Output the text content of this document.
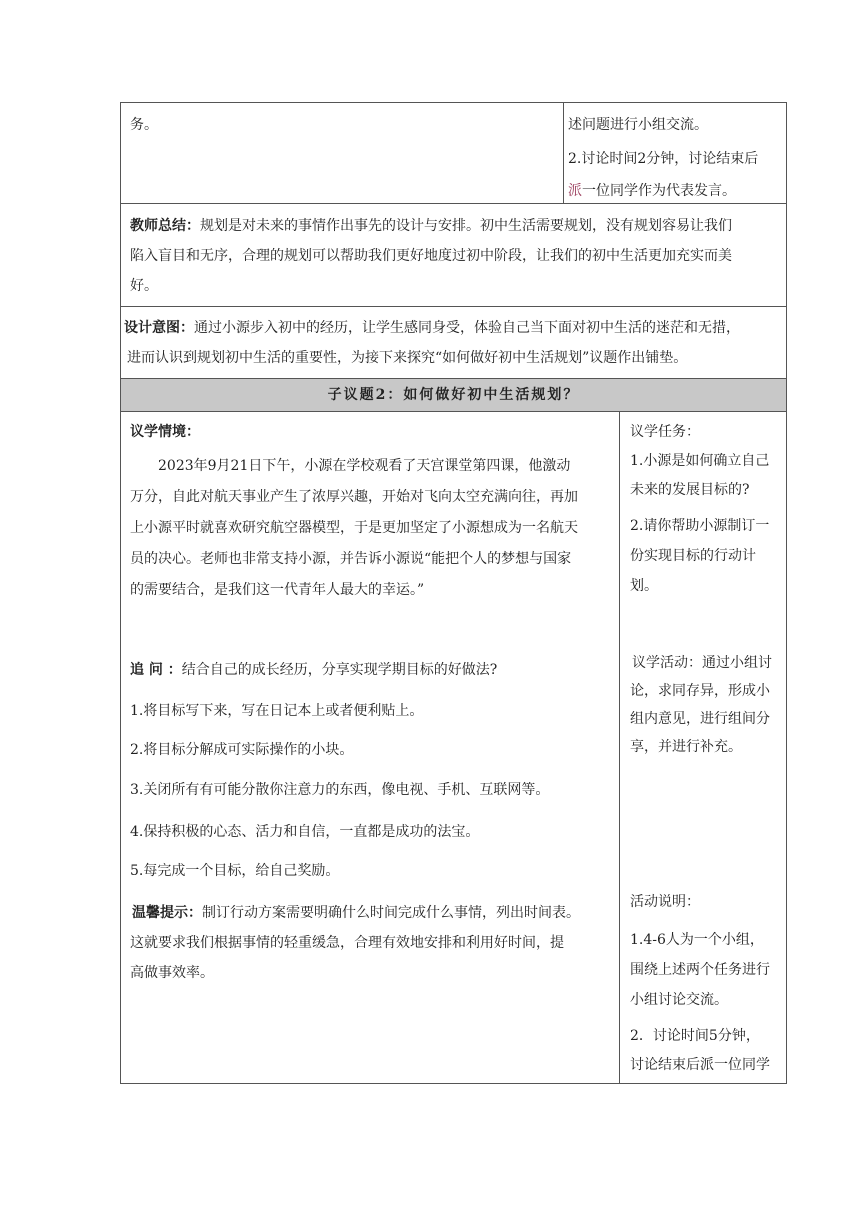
务。	述问题进行小组交流。
2.讨论时间2分钟，讨论结束后
派一位同学作为代表发言。
教师总结：规划是对未来的事情作出事先的设计与安排。初中生活需要规划，没有规划容易让我们
陷入盲目和无序，合理的规划可以帮助我们更好地度过初中阶段，让我们的初中生活更加充实而美
好。
设计意图：通过小源步入初中的经历，让学生感同身受，体验自己当下面对初中生活的迷茫和无措，
进而认识到规划初中生活的重要性，为接下来探究“如何做好初中生活规划”议题作出铺垫。
子议题2：如何做好初中生活规划？
议学情境：
2023年9月21日下午，小源在学校观看了天宫课堂第四课，他激动
万分，自此对航天事业产生了浓厚兴趣，开始对飞向太空充满向往，再加
上小源平时就喜欢研究航空器模型，于是更加坚定了小源想成为一名航天
员的决心。老师也非常支持小源，并告诉小源说“能把个人的梦想与国家
的需要结合，是我们这一代青年人最大的幸运。”
追 问 ：结合自己的成长经历，分享实现学期目标的好做法?
1.将目标写下来，写在日记本上或者便利贴上。
2.将目标分解成可实际操作的小块。
3.关闭所有有可能分散你注意力的东西，像电视、手机、互联网等。
4.保持积极的心态、活力和自信，一直都是成功的法宝。
5.每完成一个目标，给自己奖励。
温馨提示：制订行动方案需要明确什么时间完成什么事情，列出时间表。
这就要求我们根据事情的轻重缓急，合理有效地安排和利用好时间，提
高做事效率。
议学任务：
1.小源是如何确立自己
未来的发展目标的?
2.请你帮助小源制订一
份实现目标的行动计
划。
议学活动：通过小组讨
论，求同存异，形成小
组内意见，进行组间分
享，并进行补充。
活动说明：
1.4-6人为一个小组，
围绕上述两个任务进行
小组讨论交流。
2．讨论时间5分钟，
讨论结束后派一位同学
